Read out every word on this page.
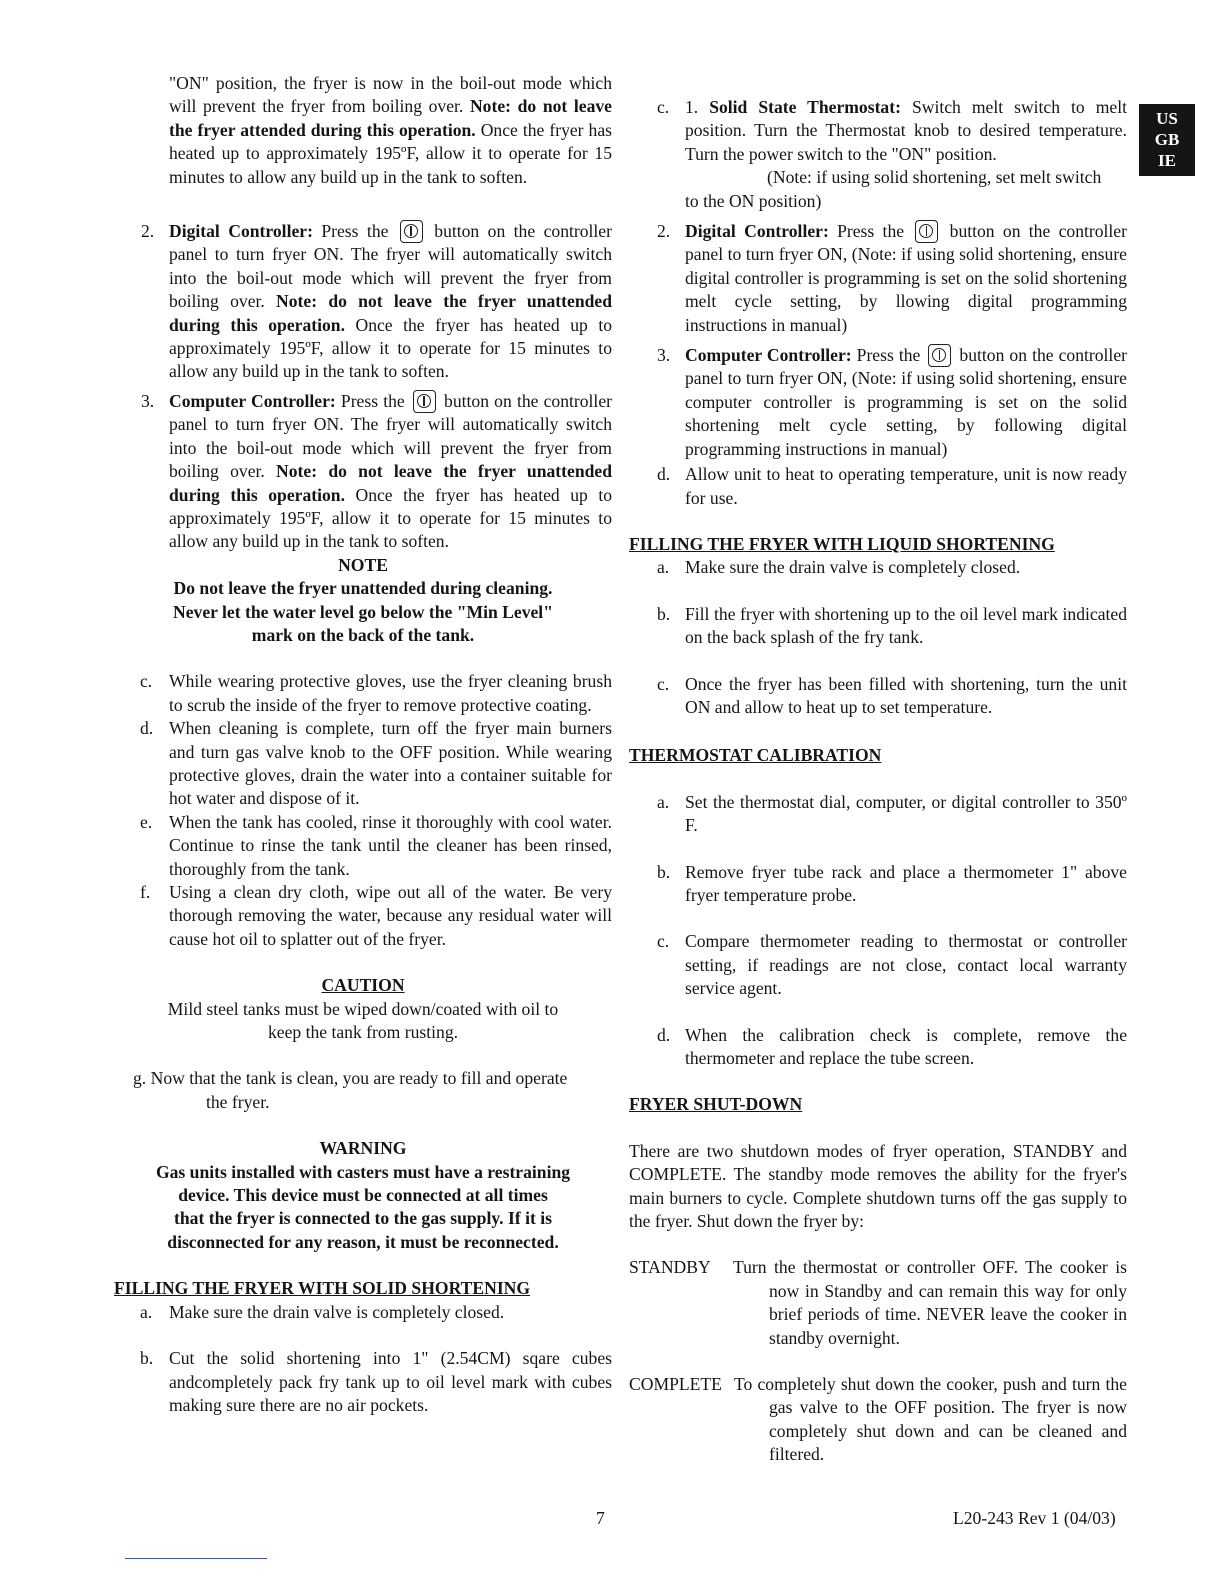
US
GB
IE

"ON" position, the fryer is now in the boil-out mode which will prevent the fryer from boiling over. Note: do not leave the fryer attended during this operation. Once the fryer has heated up to approximately 195ºF, allow it to operate for 15 minutes to allow any build up in the tank to soften.

2. Digital Controller: Press the  button on the controller panel to turn fryer ON. The fryer will automatically switch into the boil-out mode which will prevent the fryer from boiling over. Note: do not leave the fryer unattended during this operation. Once the fryer has heated up to approximately 195ºF, allow it to operate for 15 minutes to allow any build up in the tank to soften.

3. Computer Controller: Press the  button on the controller panel to turn fryer ON. The fryer will automatically switch into the boil-out mode which will prevent the fryer from boiling over. Note: do not leave the fryer unattended during this operation. Once the fryer has heated up to approximately 195ºF, allow it to operate for 15 minutes to allow any build up in the tank to soften.

NOTE
Do not leave the fryer unattended during cleaning.
Never let the water level go below the "Min Level"
mark on the back of the tank.

c. While wearing protective gloves, use the fryer cleaning brush to scrub the inside of the fryer to remove protective coating.

d. When cleaning is complete, turn off the fryer main burners and turn gas valve knob to the OFF position. While wearing protective gloves, drain the water into a container suitable for hot water and dispose of it.

e. When the tank has cooled, rinse it thoroughly with cool water. Continue to rinse the tank until the cleaner has been rinsed, thoroughly from the tank.

f. Using a clean dry cloth, wipe out all of the water. Be very thorough removing the water, because any residual water will cause hot oil to splatter out of the fryer.

CAUTION
Mild steel tanks must be wiped down/coated with oil to
keep the tank from rusting.

g. Now that the tank is clean, you are ready to fill and operate

the fryer.

WARNING
Gas units installed with casters must have a restraining
device. This device must be connected at all times
that the fryer is connected to the gas supply. If it is
disconnected for any reason, it must be reconnected.

FILLING THE FRYER WITH SOLID SHORTENING

a. Make sure the drain valve is completely closed.

b. Cut the solid shortening into 1" (2.54CM) sqare cubes andcompletely pack fry tank up to oil level mark with cubes making sure there are no air pockets.

c. 1. Solid State Thermostat: Switch melt switch to melt position. Turn the Thermostat knob to desired temperature. Turn the power switch to the "ON" position.

(Note: if using solid shortening, set melt switch

to the ON position)

2. Digital Controller: Press the  button on the controller panel to turn fryer ON, (Note: if using solid shortening, ensure digital controller is programming is set on the solid shortening melt cycle setting, by llowing digital programming instructions in manual)

3. Computer Controller: Press the  button on the controller panel to turn fryer ON, (Note: if using solid shortening, ensure computer controller is programming is set on the solid shortening melt cycle setting, by following digital programming instructions in manual)

d. Allow unit to heat to operating temperature, unit is now ready for use.

FILLING THE FRYER WITH LIQUID SHORTENING

a. Make sure the drain valve is completely closed.

b. Fill the fryer with shortening up to the oil level mark indicated on the back splash of the fry tank.

c. Once the fryer has been filled with shortening, turn the unit ON and allow to heat up to set temperature.

THERMOSTAT CALIBRATION

a. Set the thermostat dial, computer, or digital controller to 350º F.

b. Remove fryer tube rack and place a thermometer 1" above fryer temperature probe.

c. Compare thermometer reading to thermostat or controller setting, if readings are not close, contact local warranty service agent.

d. When the calibration check is complete, remove the thermometer and replace the tube screen.

FRYER SHUT-DOWN

There are two shutdown modes of fryer operation, STANDBY and COMPLETE. The standby mode removes the ability for the fryer's main burners to cycle. Complete shutdown turns off the gas supply to the fryer. Shut down the fryer by:

STANDBY	Turn the thermostat or controller OFF. The cooker is now in Standby and can remain this way for only brief periods of time. NEVER leave the cooker in standby overnight.

COMPLETE To completely shut down the cooker, push and turn the gas valve to the OFF position. The fryer is now completely shut down and can be cleaned and filtered.

7	L20-243 Rev 1 (04/03)
